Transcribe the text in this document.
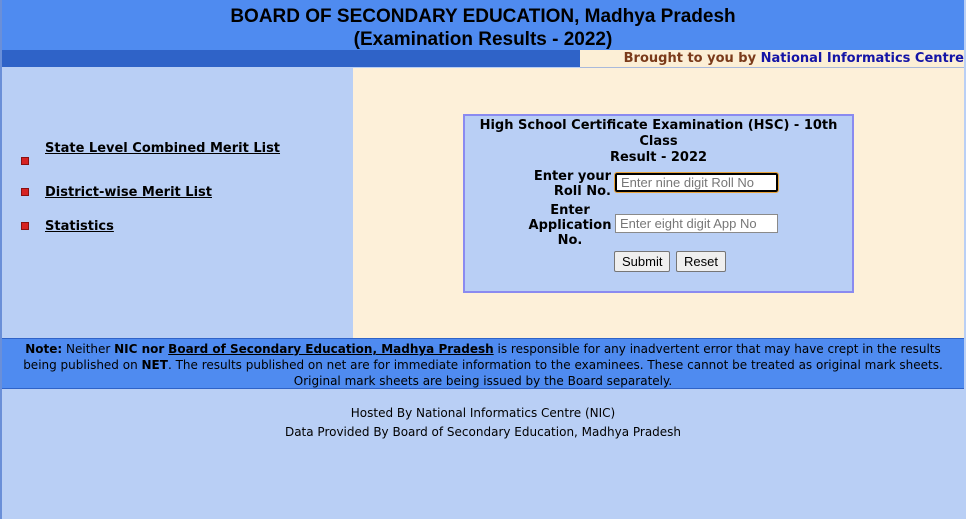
BOARD OF SECONDARY EDUCATION, Madhya Pradesh
(Examination Results - 2022)
Brought to you by National Informatics Centre
State Level Combined Merit List
District-wise Merit List
Statistics
High School Certificate Examination (HSC) - 10th Class
Result - 2022
Enter your
Roll No.
Enter nine digit Roll No
Enter
Application
No.
Enter eight digit App No
Submit	Reset
Note: Neither NIC nor Board of Secondary Education, Madhya Pradesh is responsible for any inadvertent error that may have crept in the results being published on NET. The results published on net are for immediate information to the examinees. These cannot be treated as original mark sheets. Original mark sheets are being issued by the Board separately.
Hosted By National Informatics Centre (NIC)
Data Provided By Board of Secondary Education, Madhya Pradesh
